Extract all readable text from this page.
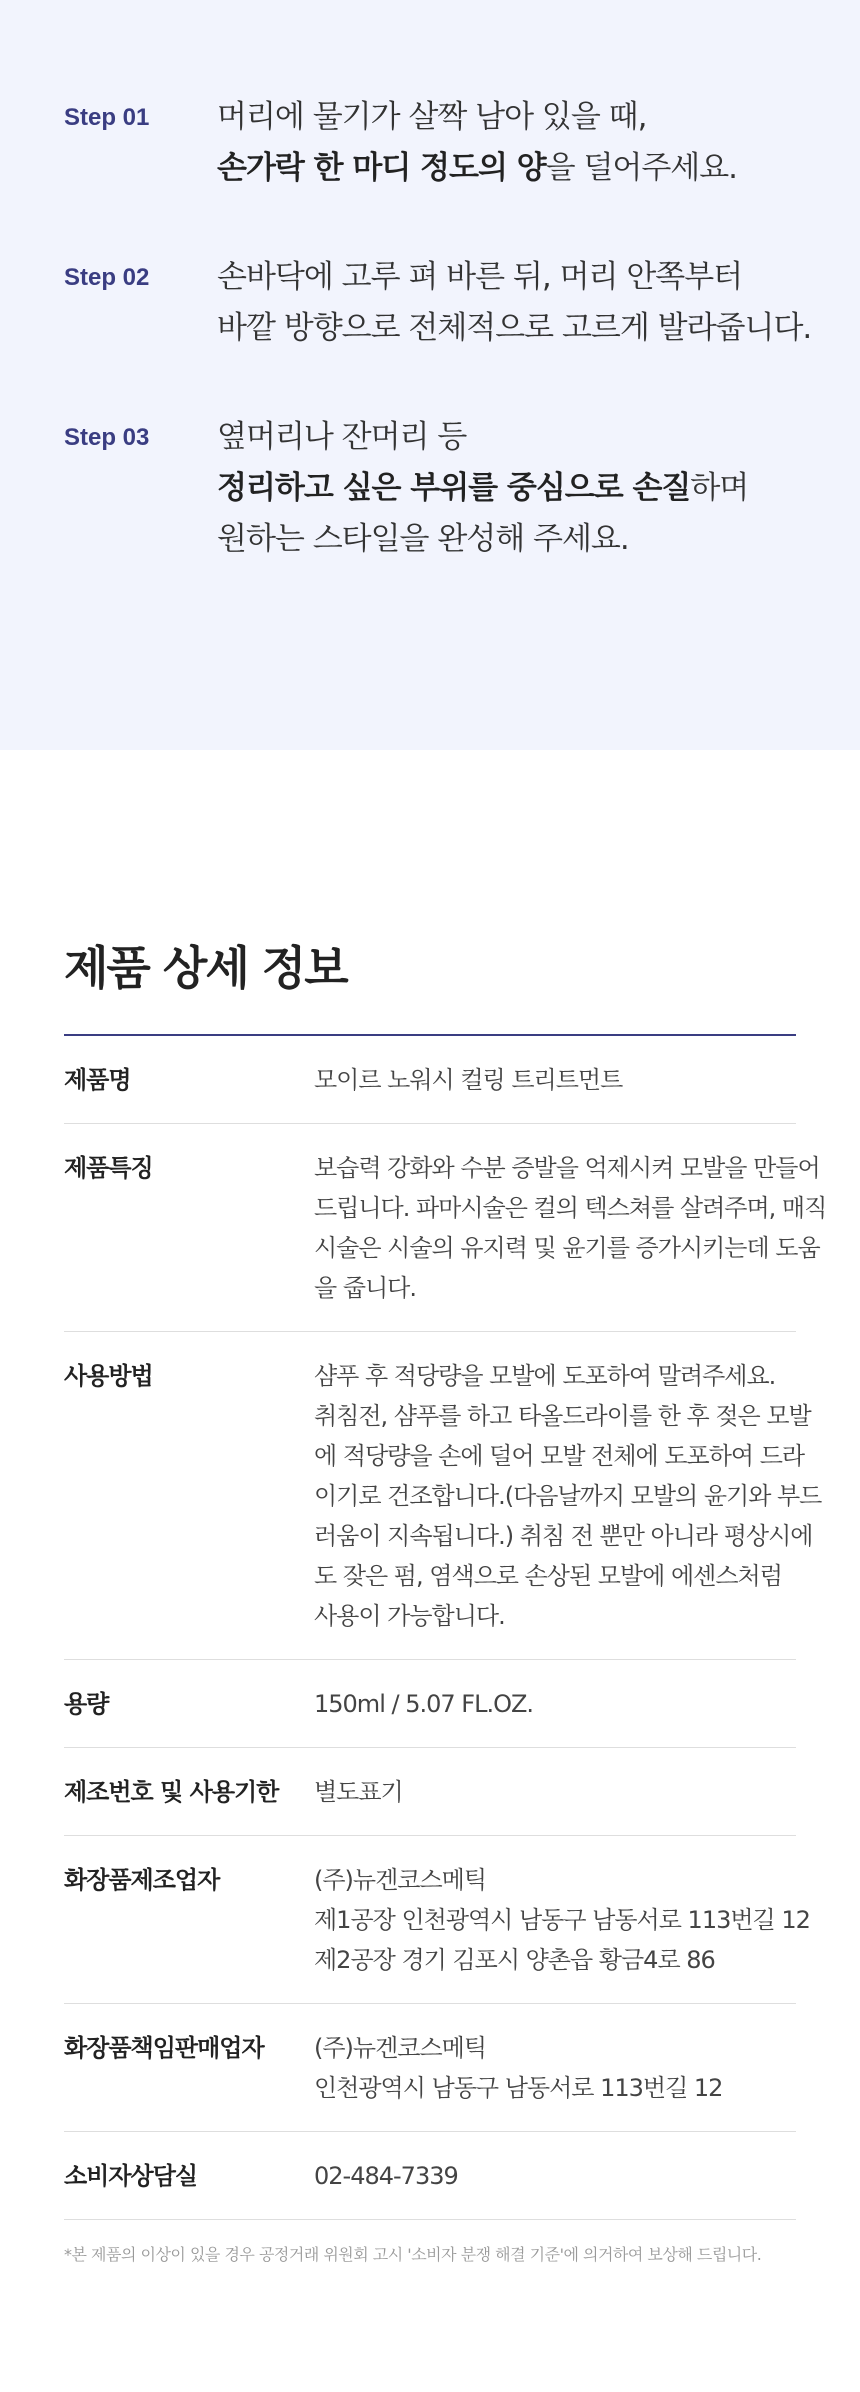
Step 01	머리에 물기가 살짝 남아 있을 때,
손가락 한 마디 정도의 양을 덜어주세요.
Step 02	손바닥에 고루 펴 바른 뒤, 머리 안쪽부터
바깥 방향으로 전체적으로 고르게 발라줍니다.
Step 03	옆머리나 잔머리 등
정리하고 싶은 부위를 중심으로 손질하며
원하는 스타일을 완성해 주세요.
제품 상세 정보
제품명	모이르 노워시 컬링 트리트먼트
제품특징	보습력 강화와 수분 증발을 억제시켜 모발을 만들어
드립니다. 파마시술은 컬의 텍스쳐를 살려주며, 매직
시술은 시술의 유지력 및 윤기를 증가시키는데 도움
을 줍니다.
사용방법	샴푸 후 적당량을 모발에 도포하여 말려주세요.
취침전, 샴푸를 하고 타올드라이를 한 후 젖은 모발
에 적당량을 손에 덜어 모발 전체에 도포하여 드라
이기로 건조합니다.(다음날까지 모발의 윤기와 부드
러움이 지속됩니다.) 취침 전 뿐만 아니라 평상시에
도 잦은 펌, 염색으로 손상된 모발에 에센스처럼
사용이 가능합니다.
용량	150ml / 5.07 FL.OZ.
제조번호 및 사용기한	별도표기
화장품제조업자	(주)뉴겐코스메틱
제1공장 인천광역시 남동구 남동서로 113번길 12
제2공장 경기 김포시 양촌읍 황금4로 86
화장품책임판매업자	(주)뉴겐코스메틱
인천광역시 남동구 남동서로 113번길 12
소비자상담실	02-484-7339
*본 제품의 이상이 있을 경우 공정거래 위원회 고시 '소비자 분쟁 해결 기준'에 의거하여 보상해 드립니다.
